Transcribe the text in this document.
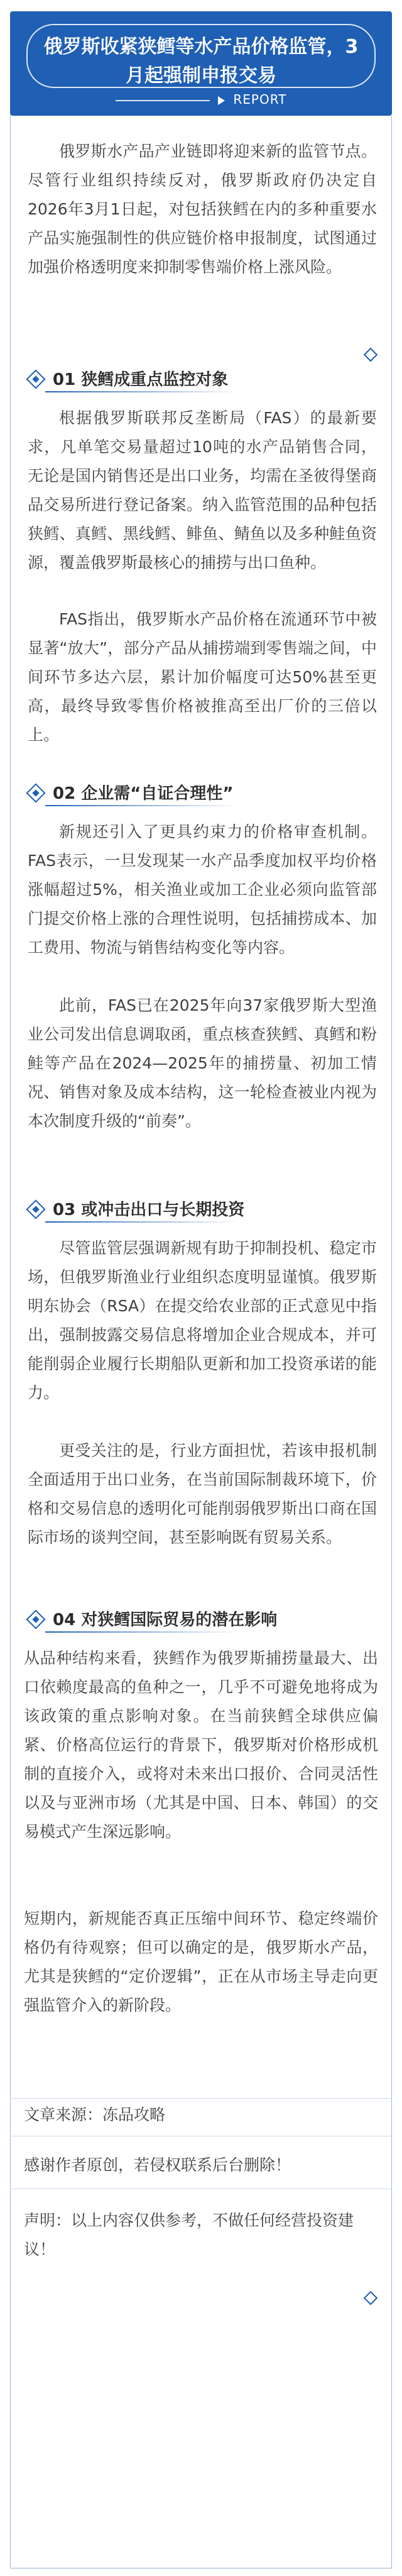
俄罗斯收紧狭鳕等水产品价格监管，3月起强制申报交易
REPORT

俄罗斯水产品产业链即将迎来新的监管节点。尽管行业组织持续反对，俄罗斯政府仍决定自2026年3月1日起，对包括狭鳕在内的多种重要水产品实施强制性的供应链价格申报制度，试图通过加强价格透明度来抑制零售端价格上涨风险。

01 狭鳕成重点监控对象

根据俄罗斯联邦反垄断局（FAS）的最新要求，凡单笔交易量超过10吨的水产品销售合同，无论是国内销售还是出口业务，均需在圣彼得堡商品交易所进行登记备案。纳入监管范围的品种包括狭鳕、真鳕、黑线鳕、鲱鱼、鲭鱼以及多种鲑鱼资源，覆盖俄罗斯最核心的捕捞与出口鱼种。

FAS指出，俄罗斯水产品价格在流通环节中被显著“放大”，部分产品从捕捞端到零售端之间，中间环节多达六层，累计加价幅度可达50%甚至更高，最终导致零售价格被推高至出厂价的三倍以上。

02 企业需“自证合理性”

新规还引入了更具约束力的价格审查机制。FAS表示，一旦发现某一水产品季度加权平均价格涨幅超过5%，相关渔业或加工企业必须向监管部门提交价格上涨的合理性说明，包括捕捞成本、加工费用、物流与销售结构变化等内容。

此前，FAS已在2025年向37家俄罗斯大型渔业公司发出信息调取函，重点核查狭鳕、真鳕和粉鲑等产品在2024—2025年的捕捞量、初加工情况、销售对象及成本结构，这一轮检查被业内视为本次制度升级的“前奏”。

03 或冲击出口与长期投资

尽管监管层强调新规有助于抑制投机、稳定市场，但俄罗斯渔业行业组织态度明显谨慎。俄罗斯明东协会（RSA）在提交给农业部的正式意见中指出，强制披露交易信息将增加企业合规成本，并可能削弱企业履行长期船队更新和加工投资承诺的能力。

更受关注的是，行业方面担忧，若该申报机制全面适用于出口业务，在当前国际制裁环境下，价格和交易信息的透明化可能削弱俄罗斯出口商在国际市场的谈判空间，甚至影响既有贸易关系。

04 对狭鳕国际贸易的潜在影响

从品种结构来看，狭鳕作为俄罗斯捕捞量最大、出口依赖度最高的鱼种之一，几乎不可避免地将成为该政策的重点影响对象。在当前狭鳕全球供应偏紧、价格高位运行的背景下，俄罗斯对价格形成机制的直接介入，或将对未来出口报价、合同灵活性以及与亚洲市场（尤其是中国、日本、韩国）的交易模式产生深远影响。

短期内，新规能否真正压缩中间环节、稳定终端价格仍有待观察；但可以确定的是，俄罗斯水产品，尤其是狭鳕的“定价逻辑”，正在从市场主导走向更强监管介入的新阶段。

文章来源：冻品攻略

感谢作者原创，若侵权联系后台删除！

声明：以上内容仅供参考，不做任何经营投资建议！
